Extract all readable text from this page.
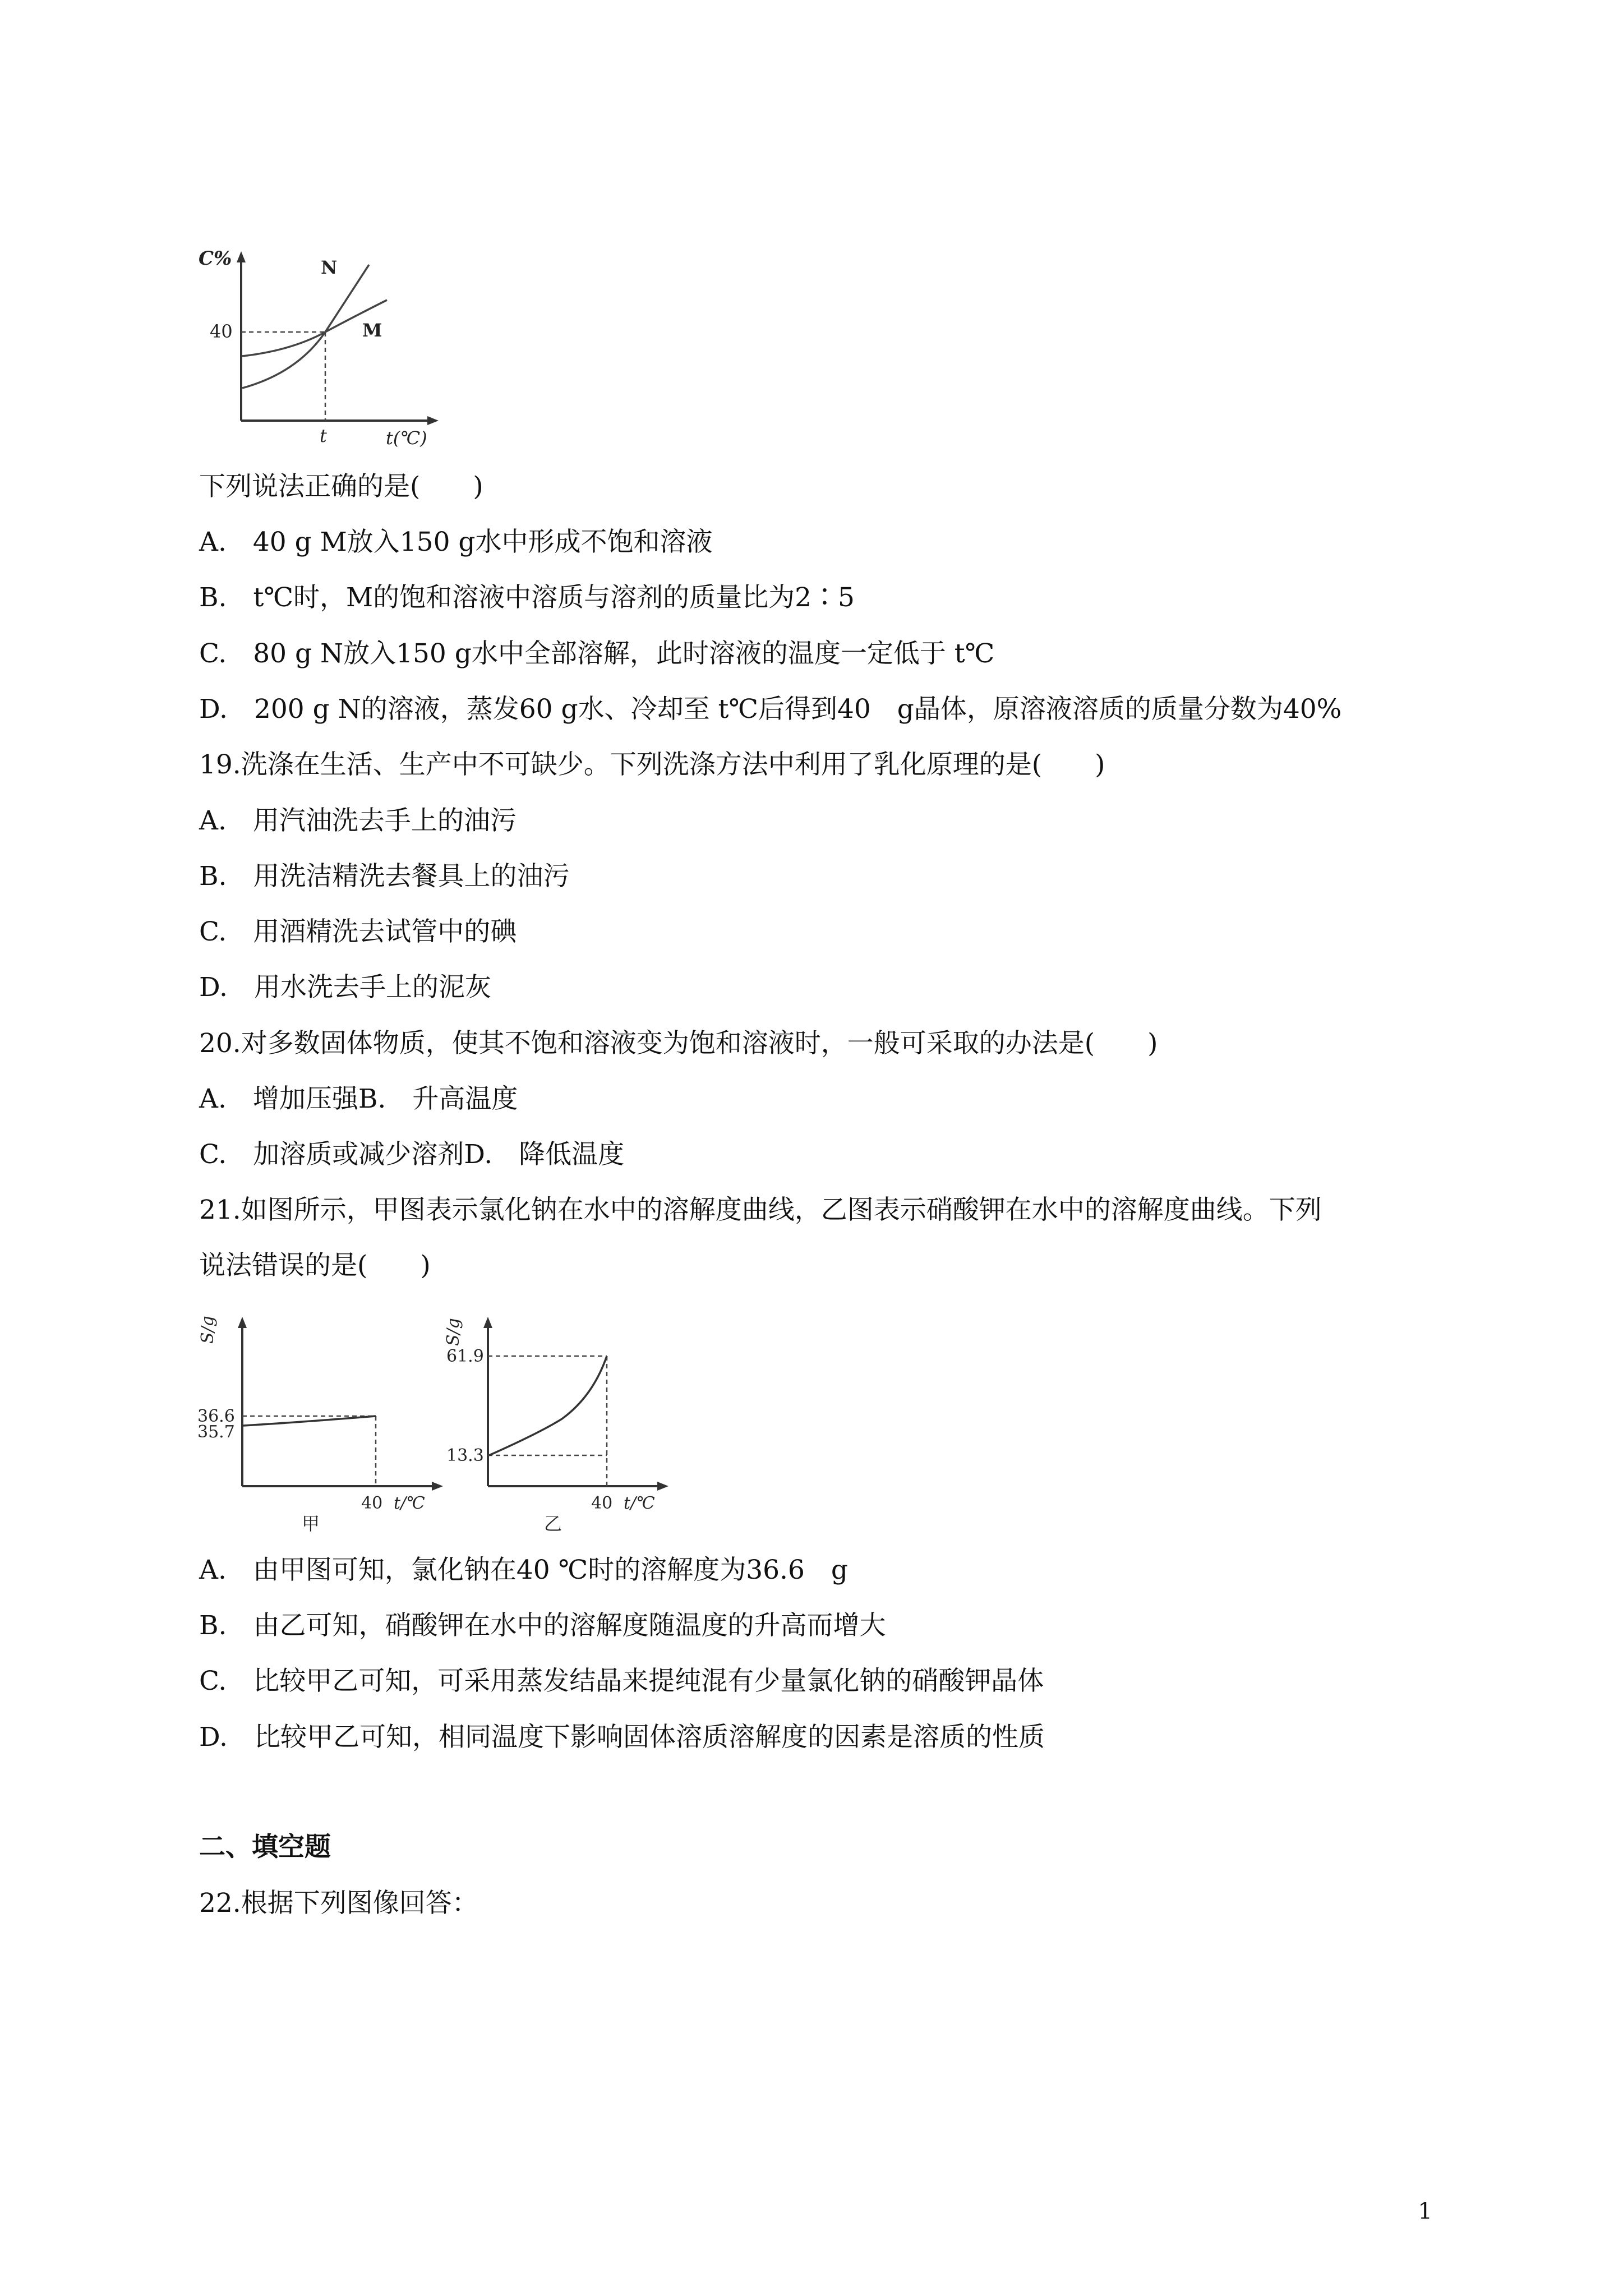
C%
t(℃)
40
t
N
M
下列说法正确的是(　　)
A.　40 g M放入150 g水中形成不饱和溶液
B.　t℃时，M的饱和溶液中溶质与溶剂的质量比为2∶5
C.　80 g N放入150 g水中全部溶解，此时溶液的温度一定低于 t℃
D.　200 g N的溶液，蒸发60 g水、冷却至 t℃后得到40　g晶体，原溶液溶质的质量分数为40%
19.洗涤在生活、生产中不可缺少。下列洗涤方法中利用了乳化原理的是(　　)
A.　用汽油洗去手上的油污
B.　用洗洁精洗去餐具上的油污
C.　用酒精洗去试管中的碘
D.　用水洗去手上的泥灰
20.对多数固体物质，使其不饱和溶液变为饱和溶液时，一般可采取的办法是(　　)
A.　增加压强B.　升高温度
C.　加溶质或减少溶剂D.　降低温度
21.如图所示，甲图表示氯化钠在水中的溶解度曲线，乙图表示硝酸钾在水中的溶解度曲线。下列
说法错误的是(　　)
S/g
36.6
35.7
40 t/℃
甲
S/g
61.9
13.3
40 t/℃
乙
A.　由甲图可知，氯化钠在40 ℃时的溶解度为36.6　g
B.　由乙可知，硝酸钾在水中的溶解度随温度的升高而增大
C.　比较甲乙可知，可采用蒸发结晶来提纯混有少量氯化钠的硝酸钾晶体
D.　比较甲乙可知，相同温度下影响固体溶质溶解度的因素是溶质的性质
二、填空题
22.根据下列图像回答：
1
